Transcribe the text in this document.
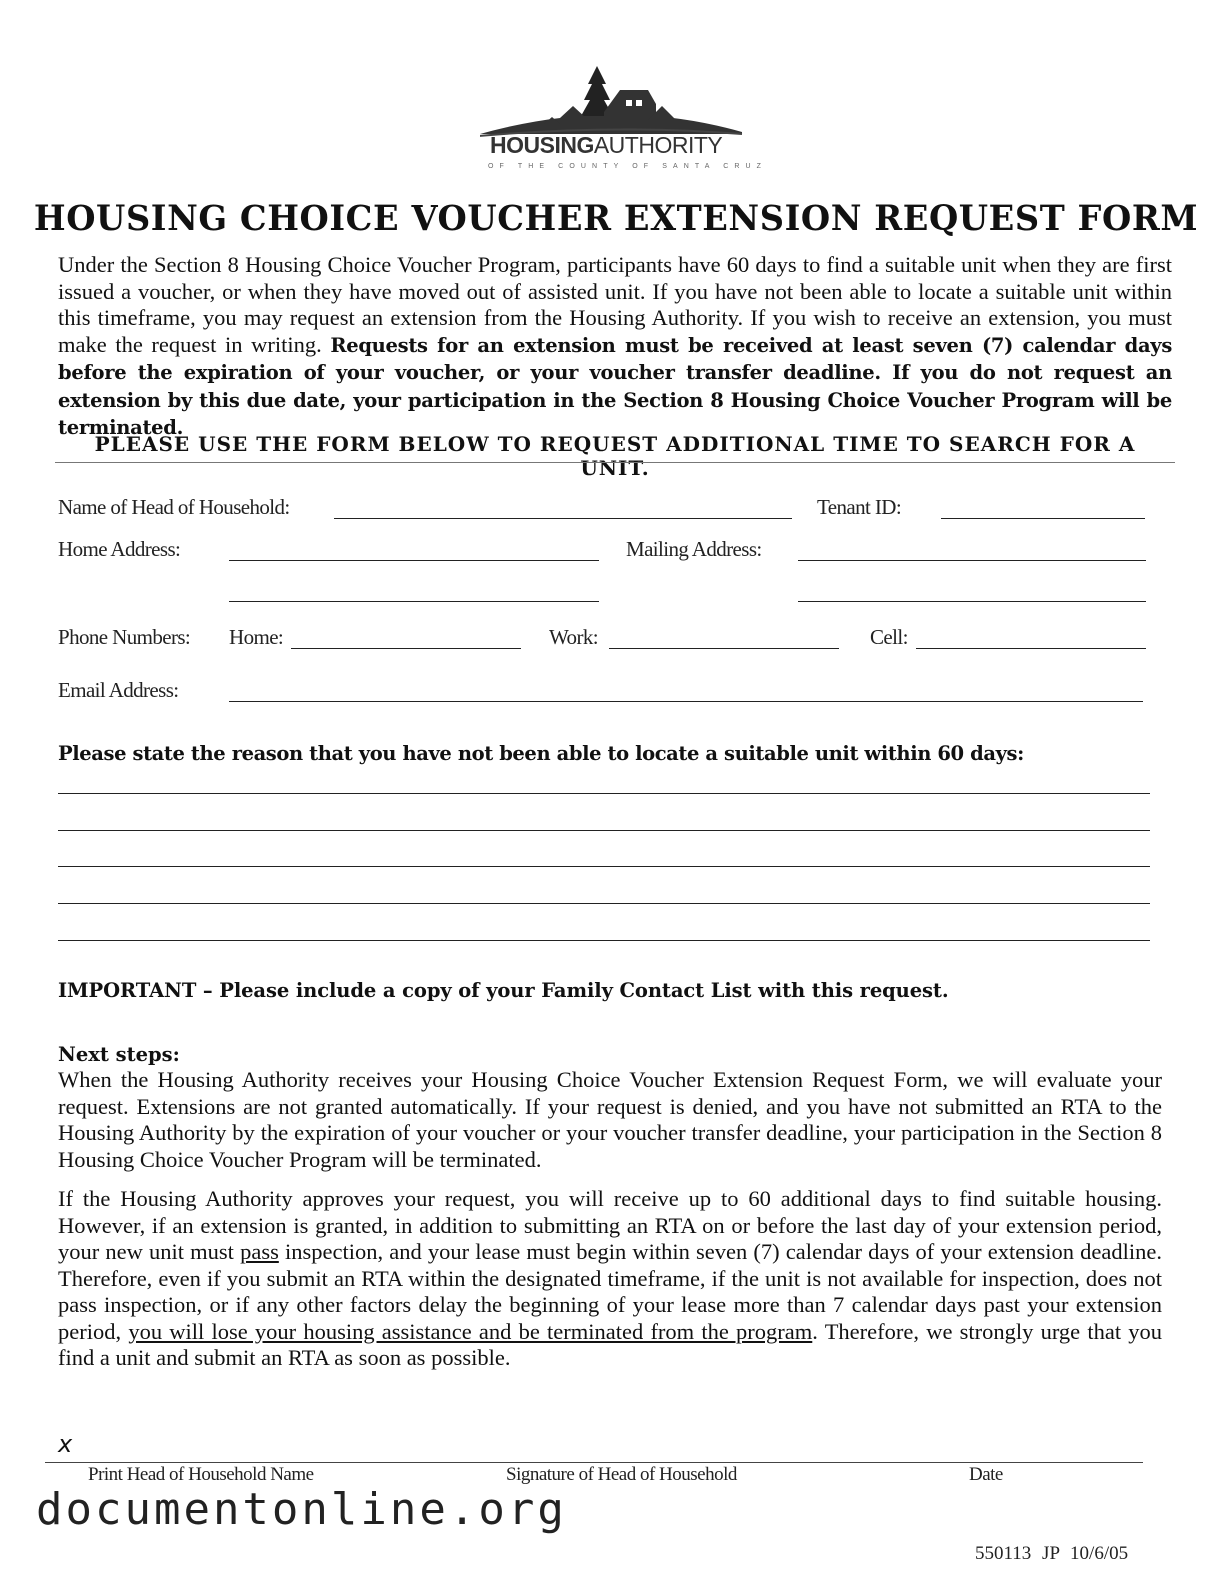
HOUSINGAUTHORITY
OF THE COUNTY OF SANTA CRUZ
HOUSING CHOICE VOUCHER EXTENSION REQUEST FORM
Under the Section 8 Housing Choice Voucher Program, participants have 60 days to find a suitable unit when they are first issued a voucher, or when they have moved out of assisted unit. If you have not been able to locate a suitable unit within this timeframe, you may request an extension from the Housing Authority. If you wish to receive an extension, you must make the request in writing. Requests for an extension must be received at least seven (7) calendar days before the expiration of your voucher, or your voucher transfer deadline. If you do not request an extension by this due date, your participation in the Section 8 Housing Choice Voucher Program will be terminated.
PLEASE USE THE FORM BELOW TO REQUEST ADDITIONAL TIME TO SEARCH FOR A UNIT.
Name of Head of Household:	Tenant ID:
Home Address:	Mailing Address:
Phone Numbers: Home:	Work:	Cell:
Email Address:
Please state the reason that you have not been able to locate a suitable unit within 60 days:
IMPORTANT – Please include a copy of your Family Contact List with this request.
Next steps:
When the Housing Authority receives your Housing Choice Voucher Extension Request Form, we will evaluate your request. Extensions are not granted automatically. If your request is denied, and you have not submitted an RTA to the Housing Authority by the expiration of your voucher or your voucher transfer deadline, your participation in the Section 8 Housing Choice Voucher Program will be terminated.
If the Housing Authority approves your request, you will receive up to 60 additional days to find suitable housing. However, if an extension is granted, in addition to submitting an RTA on or before the last day of your extension period, your new unit must pass inspection, and your lease must begin within seven (7) calendar days of your extension deadline. Therefore, even if you submit an RTA within the designated timeframe, if the unit is not available for inspection, does not pass inspection, or if any other factors delay the beginning of your lease more than 7 calendar days past your extension period, you will lose your housing assistance and be terminated from the program. Therefore, we strongly urge that you find a unit and submit an RTA as soon as possible.
x
Print Head of Household Name	Signature of Head of Household	Date
documentonline.org
550113 JP 10/6/05
